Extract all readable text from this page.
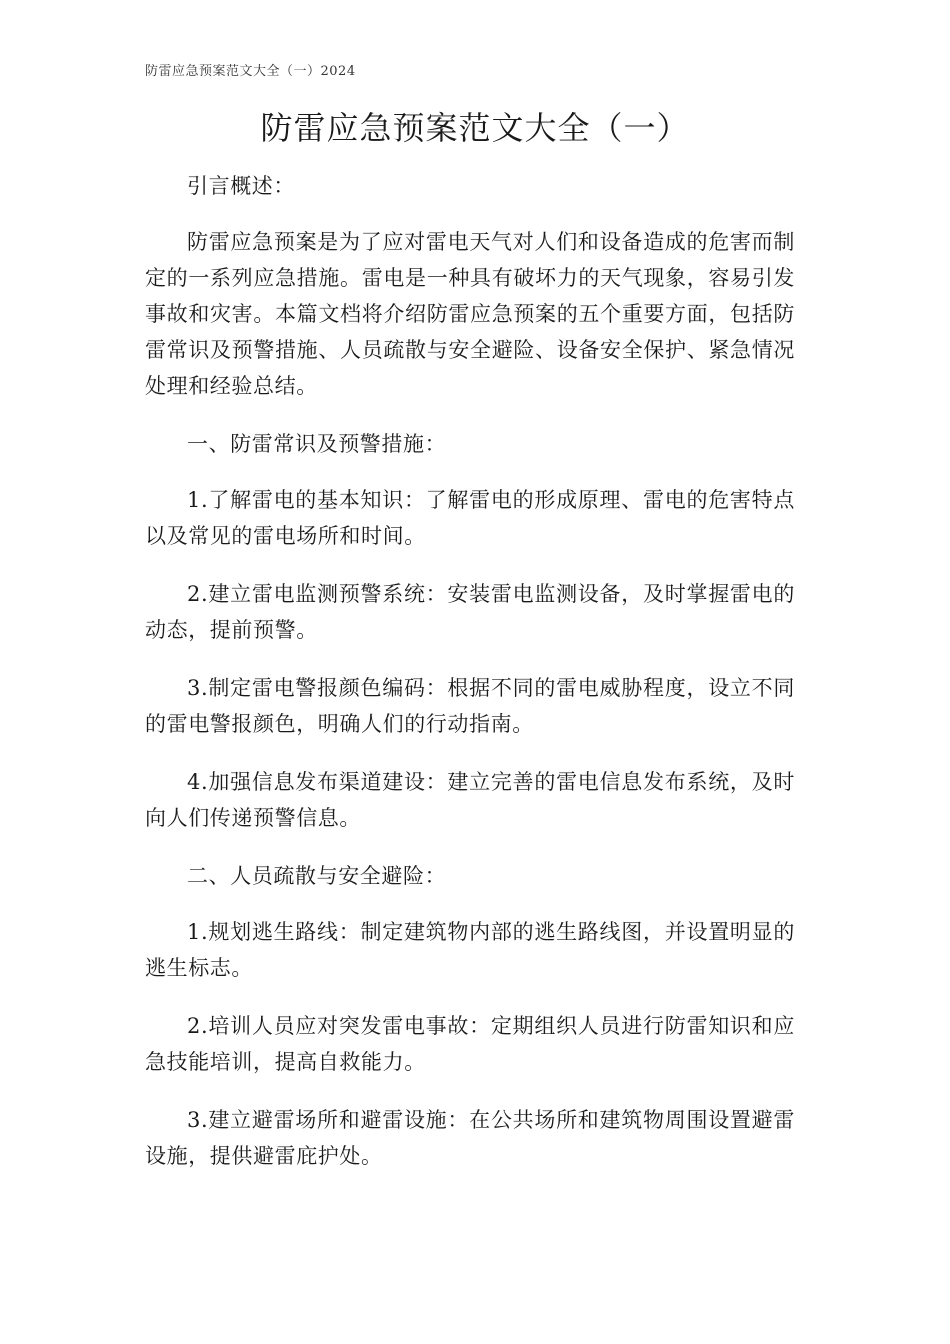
防雷应急预案范文大全（一）2024
防雷应急预案范文大全（一）

引言概述：

防雷应急预案是为了应对雷电天气对人们和设备造成的危害而制定的一系列应急措施。雷电是一种具有破坏力的天气现象，容易引发事故和灾害。本篇文档将介绍防雷应急预案的五个重要方面，包括防雷常识及预警措施、人员疏散与安全避险、设备安全保护、紧急情况处理和经验总结。

一、防雷常识及预警措施：

1.了解雷电的基本知识：了解雷电的形成原理、雷电的危害特点以及常见的雷电场所和时间。

2.建立雷电监测预警系统：安装雷电监测设备，及时掌握雷电的动态，提前预警。

3.制定雷电警报颜色编码：根据不同的雷电威胁程度，设立不同的雷电警报颜色，明确人们的行动指南。

4.加强信息发布渠道建设：建立完善的雷电信息发布系统，及时向人们传递预警信息。

二、人员疏散与安全避险：

1.规划逃生路线：制定建筑物内部的逃生路线图，并设置明显的逃生标志。

2.培训人员应对突发雷电事故：定期组织人员进行防雷知识和应急技能培训，提高自救能力。

3.建立避雷场所和避雷设施：在公共场所和建筑物周围设置避雷设施，提供避雷庇护处。
